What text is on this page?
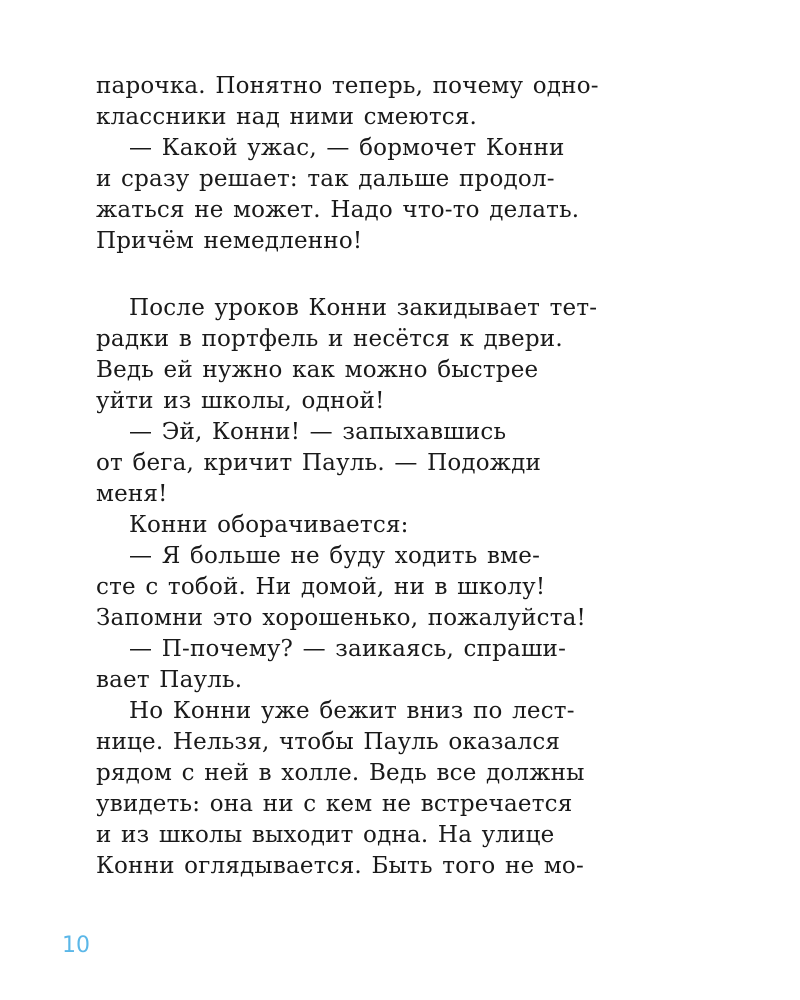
парочка. Понятно теперь, почему одно-
классники над ними смеются.
— Какой ужас, — бормочет Конни
и сразу решает: так дальше продол-
жаться не может. Надо что-то делать.
Причём немедленно!
После уроков Конни закидывает тет-
радки в портфель и несётся к двери.
Ведь ей нужно как можно быстрее
уйти из школы, одной!
— Эй, Конни! — запыхавшись
от бега, кричит Пауль. — Подожди
меня!
Конни оборачивается:
— Я больше не буду ходить вме-
сте с тобой. Ни домой, ни в школу!
Запомни это хорошенько, пожалуйста!
— П-почему? — заикаясь, спраши-
вает Пауль.
Но Конни уже бежит вниз по лест-
нице. Нельзя, чтобы Пауль оказался
рядом с ней в холле. Ведь все должны
увидеть: она ни с кем не встречается
и из школы выходит одна. На улице
Конни оглядывается. Быть того не мо-
10
